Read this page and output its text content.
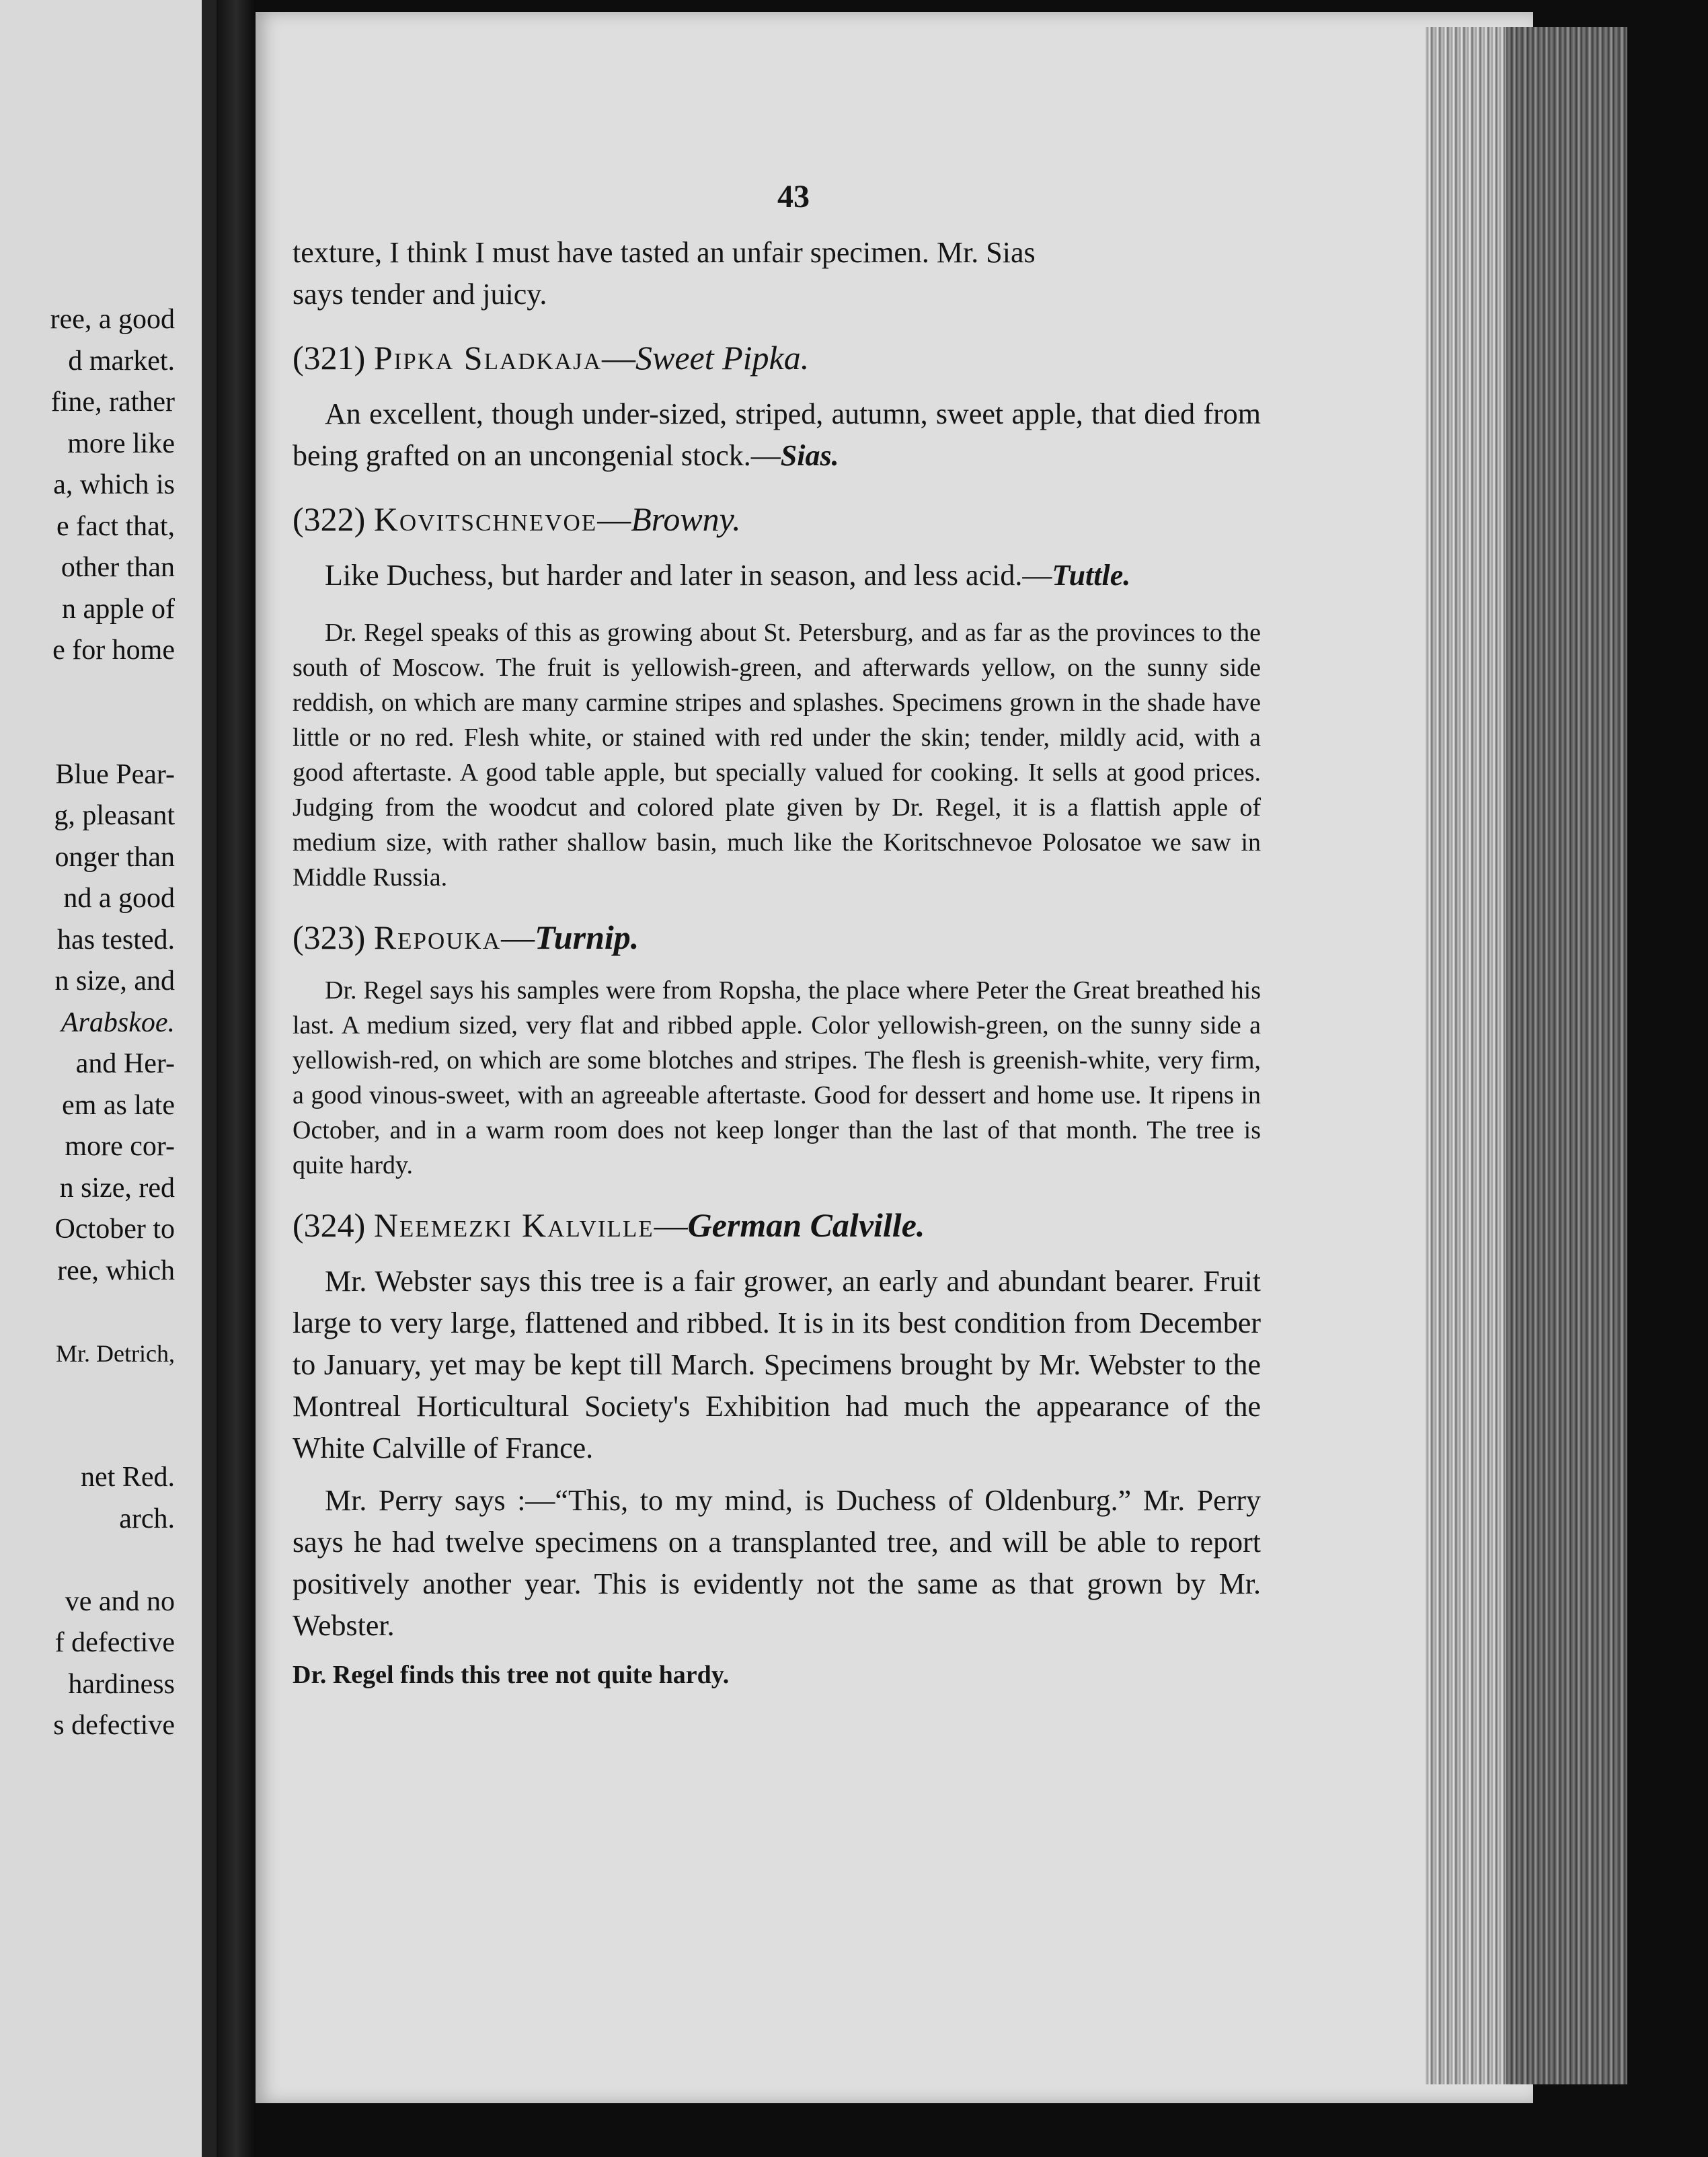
ree, a good
d market.
fine, rather
more like
a, which is
e fact that,
other than
n apple of
e for home
Blue Pear-
g, pleasant
onger than
nd a good
has tested.
n size, and
Arabskoe.
and Her-
em as late
more cor-
n size, red
October to
ree, which
Mr. Detrich,
net Red.
arch.
ve and no
f defective
hardiness
s defective
43

texture, I think I must have tasted an unfair specimen. Mr. Sias
says tender and juicy.

(321) Pipka Sladkaja—Sweet Pipka.

An excellent, though under-sized, striped, autumn, sweet apple, that died from being grafted on an uncongenial stock.—Sias.

(322) Kovitschnevoe—Browny.

Like Duchess, but harder and later in season, and less acid.—Tuttle.

Dr. Regel speaks of this as growing about St. Petersburg, and as far as the provinces to the south of Moscow. The fruit is yellowish-green, and afterwards yellow, on the sunny side reddish, on which are many carmine stripes and splashes. Specimens grown in the shade have little or no red. Flesh white, or stained with red under the skin; tender, mildly acid, with a good aftertaste. A good table apple, but specially valued for cooking. It sells at good prices. Judging from the woodcut and colored plate given by Dr. Regel, it is a flattish apple of medium size, with rather shallow basin, much like the Koritschnevoe Polosatoe we saw in Middle Russia.

(323) Repouka—Turnip.

Dr. Regel says his samples were from Ropsha, the place where Peter the Great breathed his last. A medium sized, very flat and ribbed apple. Color yellowish-green, on the sunny side a yellowish-red, on which are some blotches and stripes. The flesh is greenish-white, very firm, a good vinous-sweet, with an agreeable aftertaste. Good for dessert and home use. It ripens in October, and in a warm room does not keep longer than the last of that month. The tree is quite hardy.

(324) Neemezki Kalville—German Calville.

Mr. Webster says this tree is a fair grower, an early and abundant bearer. Fruit large to very large, flattened and ribbed. It is in its best condition from December to January, yet may be kept till March. Specimens brought by Mr. Webster to the Montreal Horticultural Society's Exhibition had much the appearance of the White Calville of France.

Mr. Perry says :—“This, to my mind, is Duchess of Oldenburg.” Mr. Perry says he had twelve specimens on a transplanted tree, and will be able to report positively another year. This is evidently not the same as that grown by Mr. Webster.

Dr. Regel finds this tree not quite hardy.
